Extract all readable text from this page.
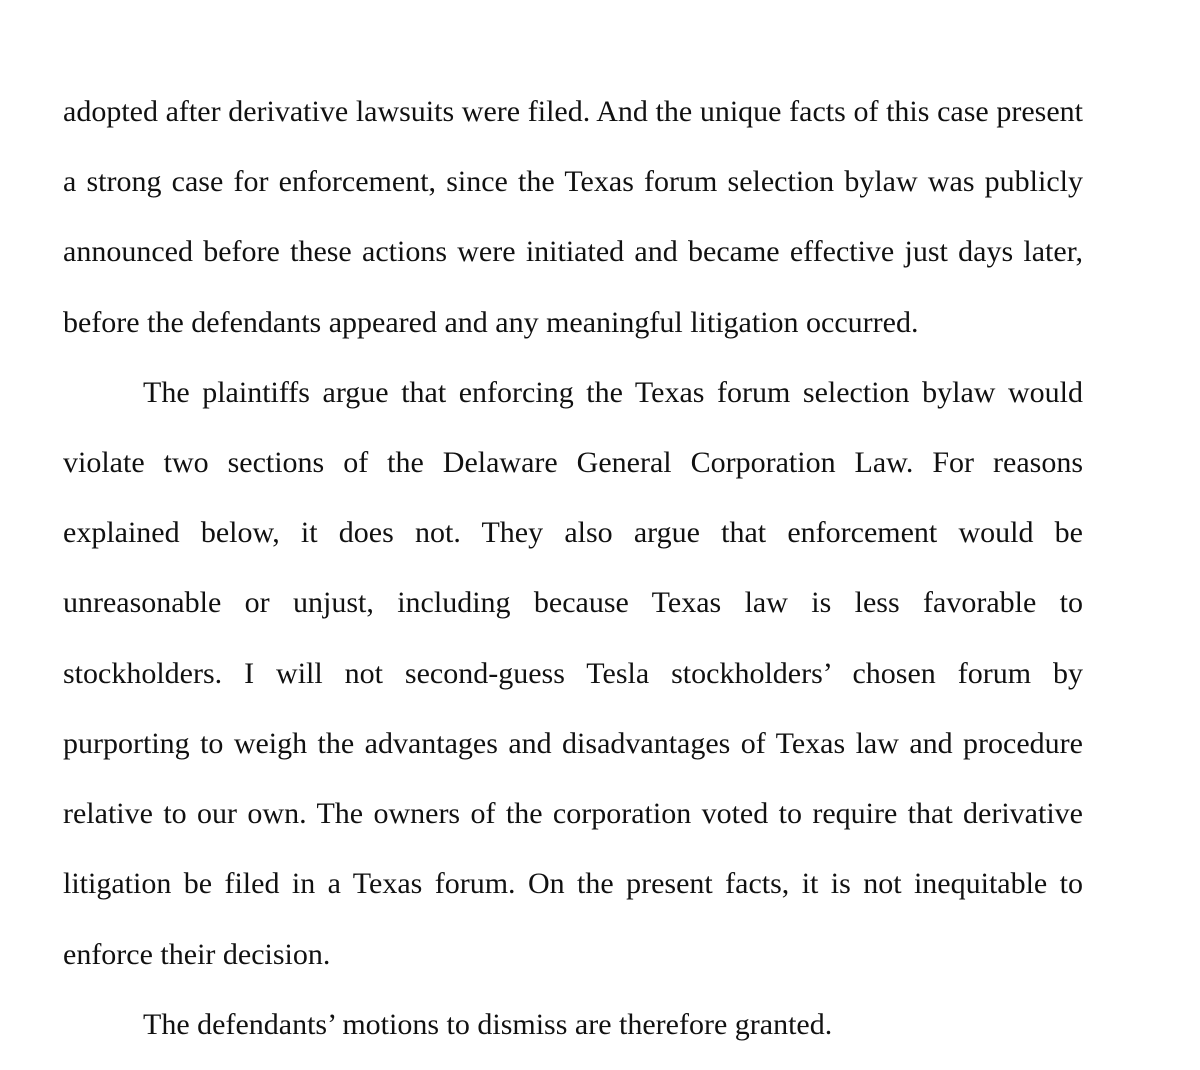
adopted after derivative lawsuits were filed. And the unique facts of this case present
a strong case for enforcement, since the Texas forum selection bylaw was publicly
announced before these actions were initiated and became effective just days later,
before the defendants appeared and any meaningful litigation occurred.
The plaintiffs argue that enforcing the Texas forum selection bylaw would
violate two sections of the Delaware General Corporation Law. For reasons
explained below, it does not. They also argue that enforcement would be
unreasonable or unjust, including because Texas law is less favorable to
stockholders. I will not second-guess Tesla stockholders’ chosen forum by
purporting to weigh the advantages and disadvantages of Texas law and procedure
relative to our own. The owners of the corporation voted to require that derivative
litigation be filed in a Texas forum. On the present facts, it is not inequitable to
enforce their decision.
The defendants’ motions to dismiss are therefore granted.
